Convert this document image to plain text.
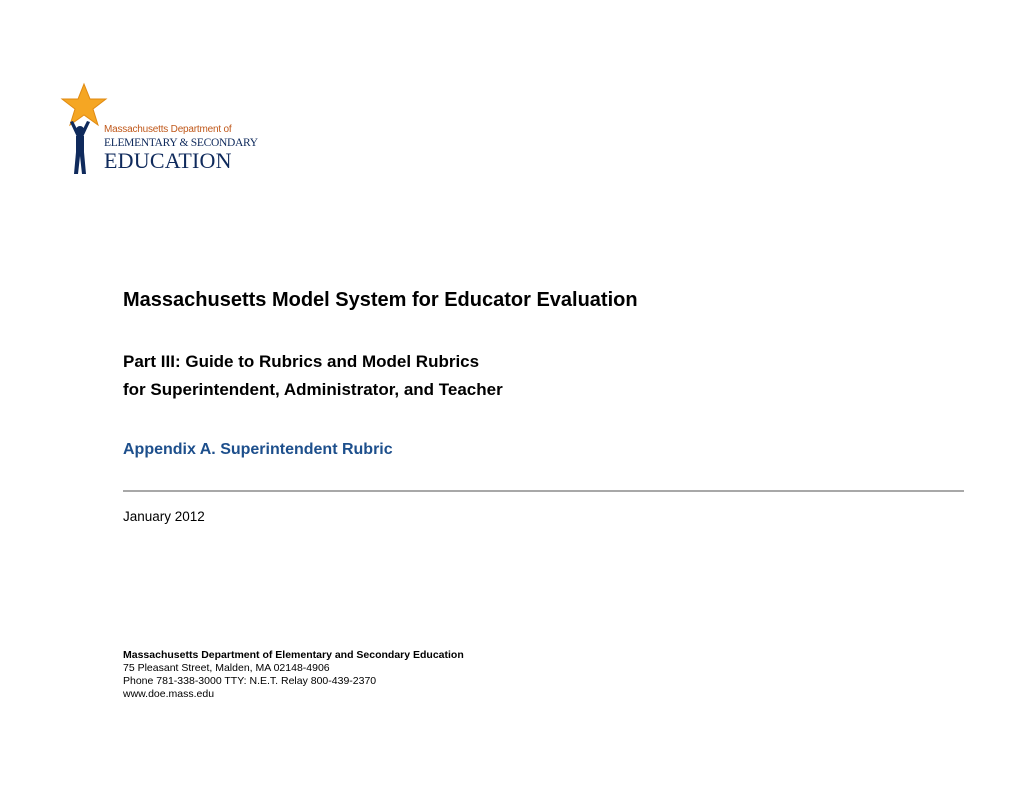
Massachusetts Department of
ELEMENTARY & SECONDARY
EDUCATION
Massachusetts Model System for Educator Evaluation
Part III: Guide to Rubrics and Model Rubrics
for Superintendent, Administrator, and Teacher
Appendix A. Superintendent Rubric

January 2012

Massachusetts Department of Elementary and Secondary Education
75 Pleasant Street, Malden, MA 02148-4906
Phone 781-338-3000 TTY: N.E.T. Relay 800-439-2370
www.doe.mass.edu
